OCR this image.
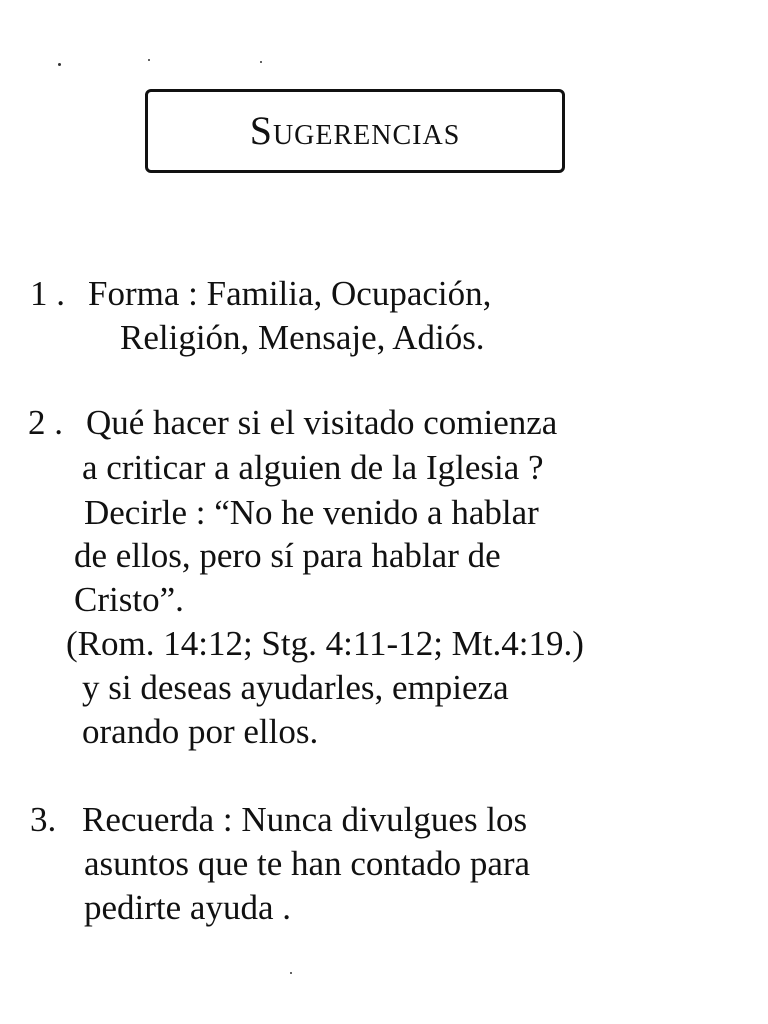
Sugerencias
1 . Forma : Familia, Ocupación,
Religión, Mensaje, Adiós.
2 . Qué hacer si el visitado comienza
a criticar a alguien de la Iglesia ?
Decirle : “No he venido a hablar
de ellos, pero sí para hablar de
Cristo”.
(Rom. 14:12; Stg. 4:11-12; Mt.4:19.)
y si deseas ayudarles, empieza
orando por ellos.
3. Recuerda : Nunca divulgues los
asuntos que te han contado para
pedirte ayuda .
